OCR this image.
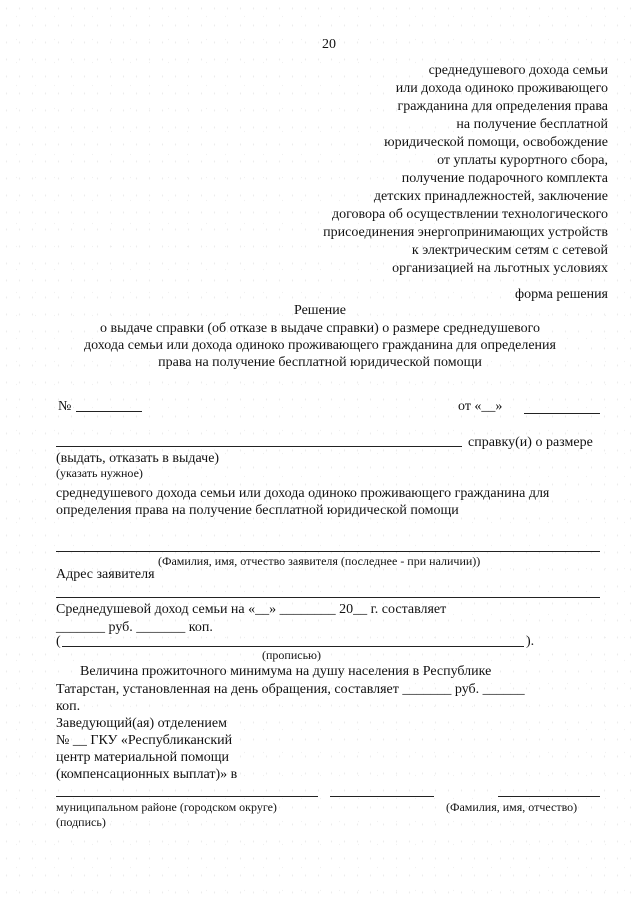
20
среднедушевого дохода семьи
или дохода одиноко проживающего
гражданина для определения права
на получение бесплатной
юридической помощи, освобождение
от уплаты курортного сбора,
получение подарочного комплекта
детских принадлежностей, заключение
договора об осуществлении технологического
присоединения энергопринимающих устройств
к электрическим сетям с сетевой
организацией на льготных условиях
форма решения
Решение
о выдаче справки (об отказе в выдаче справки) о размере среднедушевого
дохода семьи или дохода одиноко проживающего гражданина для определения
права на получение бесплатной юридической помощи
№	от «__»
справку(и) о размере
(выдать, отказать в выдаче)
(указать нужное)
среднедушевого дохода семьи или дохода одиноко проживающего гражданина для
определения права на получение бесплатной юридической помощи
(Фамилия, имя, отчество заявителя (последнее - при наличии))
Адрес заявителя
Среднедушевой доход семьи на «__» ________ 20__ г. составляет
_______ руб. _______ коп.
(	).
(прописью)
Величина прожиточного минимума на душу населения в Республике
Татарстан, установленная на день обращения, составляет _______ руб. ______
коп.
Заведующий(ая) отделением
№ __ ГКУ «Республиканский
центр материальной помощи
(компенсационных выплат)» в
муниципальном районе (городском округе)	(Фамилия, имя, отчество)
(подпись)
